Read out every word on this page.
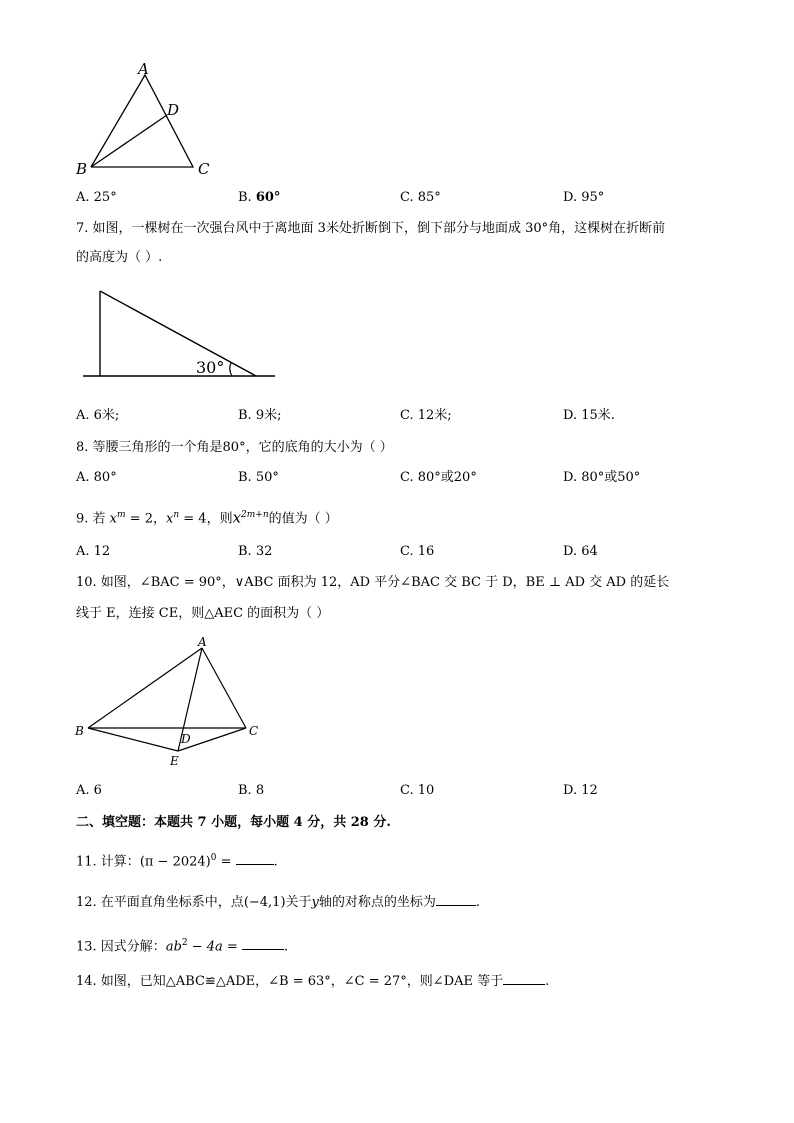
A
D
B	C
A. 25°	B. 60°	C. 85°	D. 95°
7. 如图，一棵树在一次强台风中于离地面 3米处折断倒下，倒下部分与地面成 30°角，这棵树在折断前
的高度为（ ）.
30°
A. 6米;	B. 9米;	C. 12米;	D. 15米.
8. 等腰三角形的一个角是80°，它的底角的大小为（ ）
A. 80°	B. 50°	C. 80°或20°	D. 80°或50°
9. 若 $x^m = 2$，$x^n = 4$，则$x^{2m+n}$的值为（ ）
A. 12	B. 32	C. 16	D. 64
10. 如图，∠BAC = 90°，∨ABC 面积为 12，AD 平分∠BAC 交 BC 于 D，BE ⊥ AD 交 AD 的延长
线于 E，连接 CE，则△AEC 的面积为（ ）
A
B	C
D
E
A. 6	B. 8	C. 10	D. 12
二、填空题：本题共 7 小题，每小题 4 分，共 28 分.
11. 计算：$(\pi - 2024)^0$ =	.
12. 在平面直角坐标系中，点(−4,1)关于y轴的对称点的坐标为	.
13. 因式分解：$ab^2 - 4a$ =	.
14. 如图，已知△ABC≌△ADE，∠B = 63°，∠C = 27°，则∠DAE 等于	.
